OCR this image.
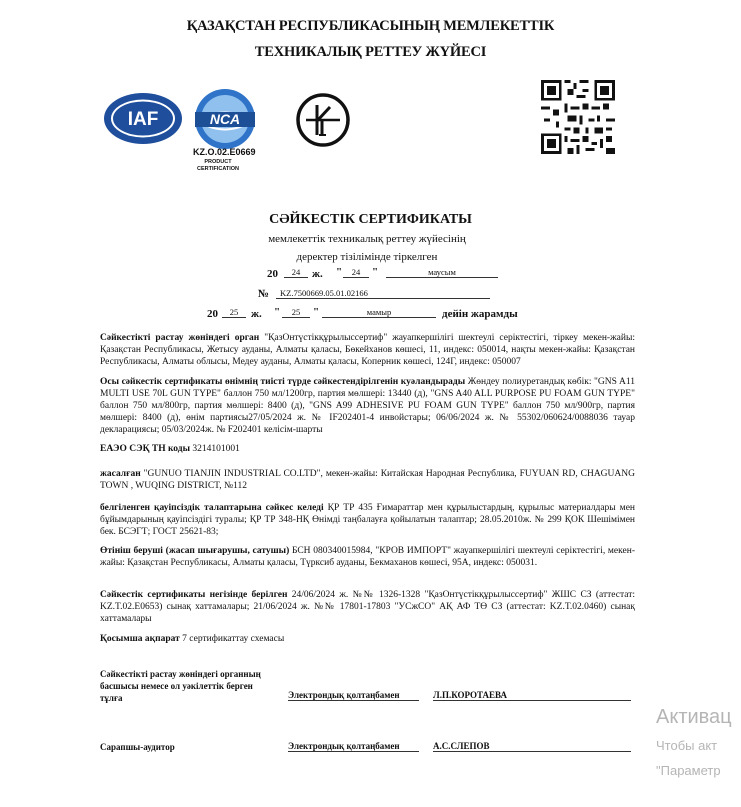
ҚАЗАҚСТАН РЕСПУБЛИКАСЫНЫҢ МЕМЛЕКЕТТІК
ТЕХНИКАЛЫҚ РЕТТЕУ ЖҮЙЕСІ
IAF	NCA
KZ.O.02.E0669
PRODUCT
CERTIFICATION
СӘЙКЕСТІК СЕРТИФИКАТЫ
мемлекеттік техникалық реттеу жүйесінің
деректер тізілімінде тіркелген
20	24	ж. "	24	"	маусым
№	KZ.7500669.05.01.02166
20	25	ж. "	25	"	мамыр	дейін жарамды
Сәйкестікті растау жөніндегі орган "ҚазОнтүстікқұрылыссертиф" жауапкершілігі шектеулі серіктестігі, тіркеу мекен-жайы: Қазақстан Республикасы, Жетысу ауданы, Алматы қаласы, Бөкейханов көшесі, 11, индекс: 050014, нақты мекен-жайы: Қазақстан Республикасы, Алматы облысы, Медеу ауданы, Алматы қаласы, Коперник көшесі, 124Г, индекс: 050007
Осы сәйкестік сертификаты өнімнің тиісті түрде сәйкестендірілгенін куәландырады Жөндеу полиуретандық көбік: "GNS A11 MULTI USE 70L GUN TYPE" баллон 750 мл/1200гр, партия мөлшері: 13440 (д), "GNS A40 ALL PURPOSE PU FOAM GUN TYPE" баллон 750 мл/800гр, партия мөлшері: 8400 (д), "GNS A99 ADHESIVE PU FOAM GUN TYPE" баллон 750 мл/900гр, партия мөлшері: 8400 (д), өнім партиясы27/05/2024 ж. № IF202401-4 инвойстары; 06/06/2024 ж. № 55302/060624/0088036 тауар декларациясы; 05/03/2024ж. № F202401 келісім-шарты
ЕАЭО СЭҚ ТН коды 3214101001
жасалған "GUNUO TIANJIN INDUSTRIAL CO.LTD", мекен-жайы: Китайская Народная Республика, FUYUAN RD, CHAGUANG TOWN , WUQING DISTRICT, №112
белгіленген қауіпсіздік талаптарына сәйкес келеді ҚР ТР 435 Ғимараттар мен құрылыстардың, құрылыс материалдары мен бұйымдарының қауіпсіздігі туралы; ҚР ТР 348-НҚ Өнімді таңбалауға қойылатын талаптар; 28.05.2010ж. № 299 ҚОК Шешімімен бек. БСЭГТ; ГОСТ 25621-83;
Өтініш беруші (жасап шығарушы, сатушы) БСН 080340015984, "КРОВ ИМПОРТ" жауапкершілігі шектеулі серіктестігі, мекен-жайы: Қазақстан Республикасы, Алматы қаласы, Түрксиб ауданы, Бекмаханов көшесі, 95А, индекс: 050031.
Сәйкестік сертификаты негізінде берілген 24/06/2024 ж. №№ 1326-1328 "ҚазОнтүстікқұрылыссертиф" ЖШС СЗ (аттестат: KZ.T.02.E0653) сынақ хаттамалары; 21/06/2024 ж. №№ 17801-17803 "УСжСО" АҚ АФ ТӨ СЗ (аттестат: KZ.T.02.0460) сынақ хаттамалары
Қосымша ақпарат 7 сертификаттау схемасы
Сәйкестікті растау жөніндегі органның
басшысы немесе ол уәкілеттік берген
тұлға	Электрондық қолтаңбамен	Л.П.КОРОТАЕВА
Сарапшы-аудитор	Электрондық қолтаңбамен	А.С.СЛЕПОВ
Активац
Чтобы акт
"Параметр
